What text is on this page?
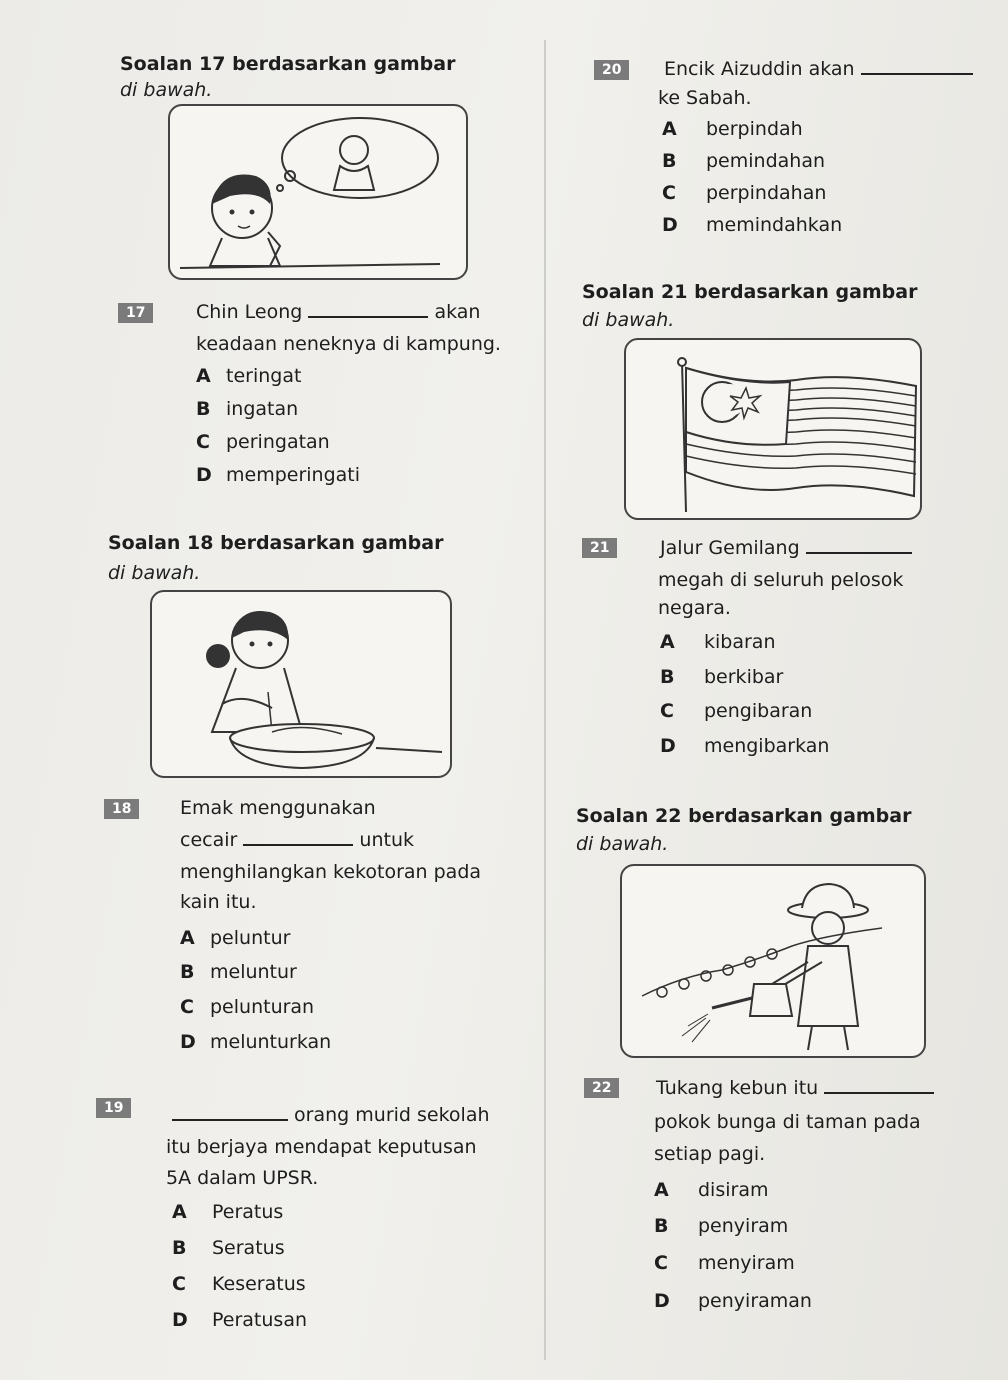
Soalan 17 berdasarkan gambar
di bawah.
17	Chin Leong	akan
keadaan neneknya di kampung.
A teringat
B ingatan
C peringatan
D memperingati
Soalan 18 berdasarkan gambar
di bawah.
18	Emak menggunakan
cecair	untuk
menghilangkan kekotoran pada
kain itu.
A peluntur
B meluntur
C pelunturan
D melunturkan
19	orang murid sekolah
itu berjaya mendapat keputusan
5A dalam UPSR.
A Peratus
B Seratus
C Keseratus
D Peratusan
20	Encik Aizuddin akan
ke Sabah.
A berpindah
B pemindahan
C perpindahan
D memindahkan
Soalan 21 berdasarkan gambar
di bawah.
21	Jalur Gemilang
megah di seluruh pelosok
negara.
A kibaran
B berkibar
C pengibaran
D mengibarkan
Soalan 22 berdasarkan gambar
di bawah.
22	Tukang kebun itu
pokok bunga di taman pada
setiap pagi.
A disiram
B penyiram
C menyiram
D penyiraman
